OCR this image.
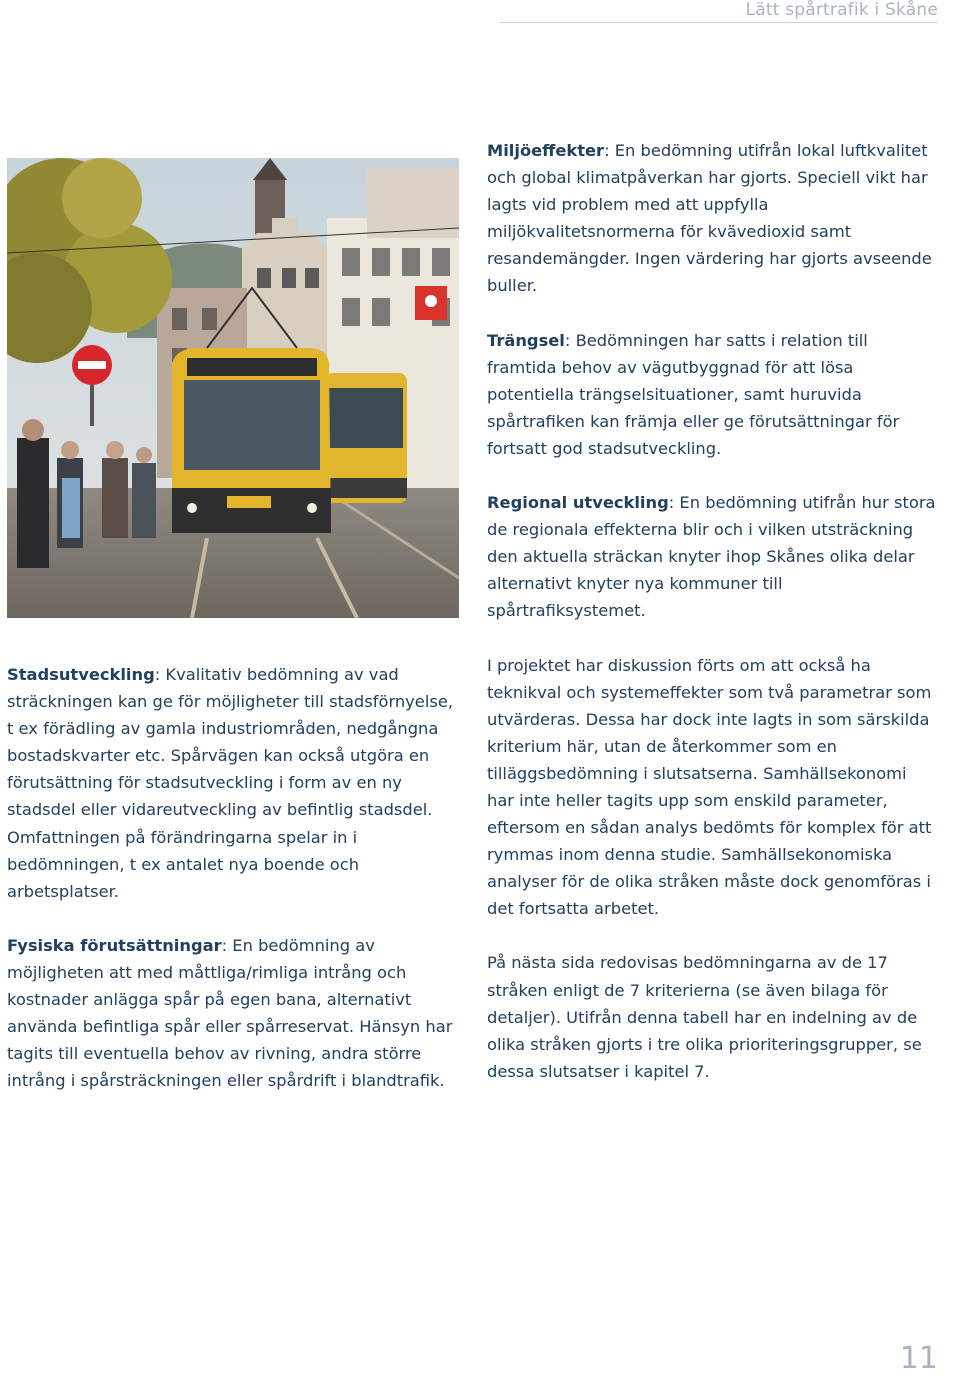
Lätt spårtrafik i Skåne

Miljöeffekter: En bedömning utifrån lokal luftkvalitet och global klimatpåverkan har gjorts. Speciell vikt har lagts vid problem med att uppfylla miljökvalitetsnormerna för kvävedioxid samt resandemängder. Ingen värdering har gjorts avseende buller.

Trängsel: Bedömningen har satts i relation till framtida behov av vägutbyggnad för att lösa potentiella trängselsituationer, samt huruvida spårtrafiken kan främja eller ge förutsättningar för fortsatt god stadsutveckling.

Regional utveckling: En bedömning utifrån hur stora de regionala effekterna blir och i vilken utsträckning den aktuella sträckan knyter ihop Skånes olika delar alternativt knyter nya kommuner till spårtrafiksystemet.

I projektet har diskussion förts om att också ha teknikval och systemeffekter som två parametrar som utvärderas. Dessa har dock inte lagts in som särskilda kriterium här, utan de återkommer som en tilläggsbedömning i slutsatserna. Samhällsekonomi har inte heller tagits upp som enskild parameter, eftersom en sådan analys bedömts för komplex för att rymmas inom denna studie. Samhällsekonomiska analyser för de olika stråken måste dock genomföras i det fortsatta arbetet.

På nästa sida redovisas bedömningarna av de 17 stråken enligt de 7 kriterierna (se även bilaga för detaljer). Utifrån denna tabell har en indelning av de olika stråken gjorts i tre olika prioriteringsgrupper, se dessa slutsatser i kapitel 7.

Stadsutveckling: Kvalitativ bedömning av vad sträckningen kan ge för möjligheter till stadsförnyelse, t ex förädling av gamla industriområden, nedgångna bostadskvarter etc. Spårvägen kan också utgöra en förutsättning för stadsutveckling i form av en ny stadsdel eller vidareutveckling av befintlig stadsdel. Omfattningen på förändringarna spelar in i bedömningen, t ex antalet nya boende och arbetsplatser.

Fysiska förutsättningar: En bedömning av möjligheten att med måttliga/rimliga intrång och kostnader anlägga spår på egen bana, alternativt använda befintliga spår eller spårreservat. Hänsyn har tagits till eventuella behov av rivning, andra större intrång i spårsträckningen eller spårdrift i blandtrafik.

11
